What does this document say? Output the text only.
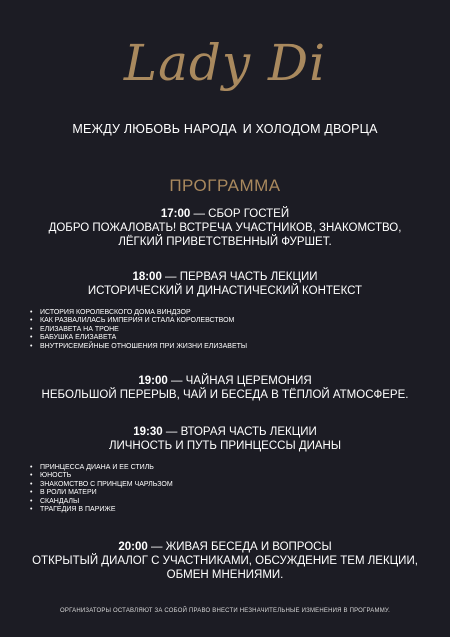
Lady Di
МЕЖДУ ЛЮБОВЬ НАРОДА И ХОЛОДОМ ДВОРЦА
ПРОГРАММА
17:00 — СБОР ГОСТЕЙ
ДОБРО ПОЖАЛОВАТЬ! ВСТРЕЧА УЧАСТНИКОВ, ЗНАКОМСТВО,
ЛЁГКИЙ ПРИВЕТСТВЕННЫЙ ФУРШЕТ.
18:00 — ПЕРВАЯ ЧАСТЬ ЛЕКЦИИ
ИСТОРИЧЕСКИЙ И ДИНАСТИЧЕСКИЙ КОНТЕКСТ
• ИСТОРИЯ КОРОЛЕВСКОГО ДОМА ВИНДЗОР
• КАК РАЗВАЛИЛАСЬ ИМПЕРИЯ И СТАЛА КОРОЛЕВСТВОМ
• ЕЛИЗАВЕТА НА ТРОНЕ
• БАБУШКА ЕЛИЗАВЕТА
• ВНУТРИСЕМЕЙНЫЕ ОТНОШЕНИЯ ПРИ ЖИЗНИ ЕЛИЗАВЕТЫ
19:00 — ЧАЙНАЯ ЦЕРЕМОНИЯ
НЕБОЛЬШОЙ ПЕРЕРЫВ, ЧАЙ И БЕСЕДА В ТЁПЛОЙ АТМОСФЕРЕ.
19:30 — ВТОРАЯ ЧАСТЬ ЛЕКЦИИ
ЛИЧНОСТЬ И ПУТЬ ПРИНЦЕССЫ ДИАНЫ
• ПРИНЦЕССА ДИАНА И ЕЕ СТИЛЬ
• ЮНОСТЬ
• ЗНАКОМСТВО С ПРИНЦЕМ ЧАРЛЬЗОМ
• В РОЛИ МАТЕРИ
• СКАНДАЛЫ
• ТРАГЕДИЯ В ПАРИЖЕ
20:00 — ЖИВАЯ БЕСЕДА И ВОПРОСЫ
ОТКРЫТЫЙ ДИАЛОГ С УЧАСТНИКАМИ, ОБСУЖДЕНИЕ ТЕМ ЛЕКЦИИ,
ОБМЕН МНЕНИЯМИ.
ОРГАНИЗАТОРЫ ОСТАВЛЯЮТ ЗА СОБОЙ ПРАВО ВНЕСТИ НЕЗНАЧИТЕЛЬНЫЕ ИЗМЕНЕНИЯ В ПРОГРАММУ.
